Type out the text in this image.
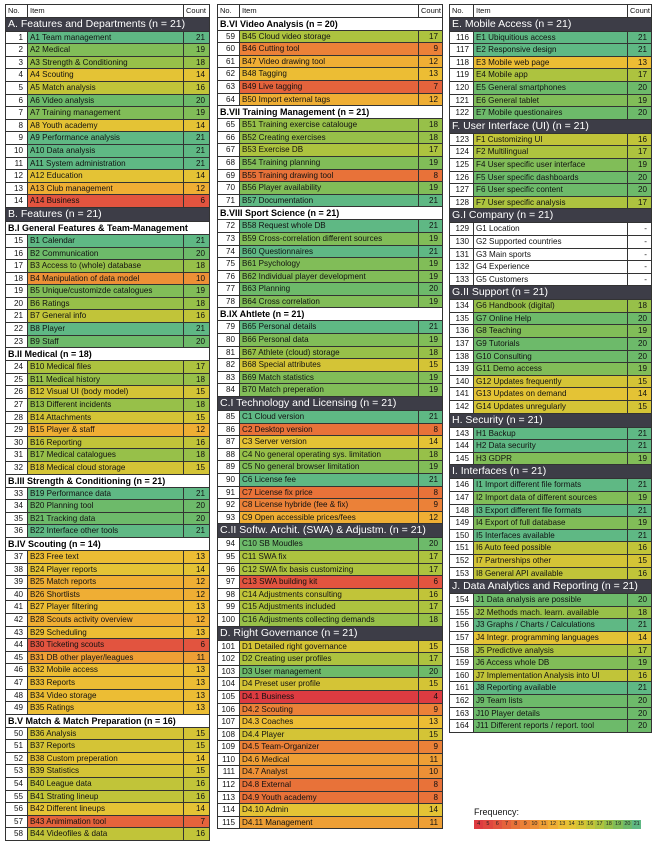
No.	Item	Count
A. Features and Departments (n = 21)		
1	A1 Team management	21
2	A2 Medical	19
3	A3 Strength & Conditioning	18
4	A4 Scouting	14
5	A5 Match analysis	16
6	A6 Video analysis	20
7	A7 Training management	19
8	A8 Youth academy	14
9	A9 Performance analysis	21
10	A10 Data analysis	21
11	A11 System administration	21
12	A12 Education	14
13	A13 Club management	12
14	A14 Business	6
B. Features (n = 21)		
B.I General Features & Team-Management		
15	B1 Calendar	21
16	B2 Communication	20
17	B3 Access to (whole) database	18
18	B4 Manipulation of data model	10
19	B5 Unique/customizde catalogues	19
20	B6 Ratings	18
21	B7 General info	16
22	B8 Player	21
23	B9 Staff	20
B.II Medical (n = 18)		
24	B10 Medical files	17
25	B11 Medical history	18
26	B12 Visual UI (body model)	15
27	B13 Different incidents	18
28	B14 Attachments	15
29	B15 Player & staff	12
30	B16 Reporting	16
31	B17 Medical catalogues	18
32	B18 Medical cloud storage	15
B.III Strength & Conditioning (n = 21)		
33	B19 Performance data	21
34	B20 Planning tool	20
35	B21 Tracking data	20
36	B22 Interface other tools	21
B.IV Scouting (n = 14)		
37	B23 Free text	13
38	B24 Player reports	14
39	B25 Match reports	12
40	B26 Shortlists	12
41	B27 Player filtering	13
42	B28 Scouts activity overview	12
43	B29 Scheduling	13
44	B30 Ticketing scouts	6
45	B31 DB other player/leagues	11
46	B32 Mobile access	13
47	B33 Reports	13
48	B34 Video storage	13
49	B35 Ratings	13
B.V Match & Match Preparation (n = 16)		
50	B36 Analysis	15
51	B37 Reports	15
52	B38 Custom preperation	14
53	B39 Statistics	15
54	B40 League data	16
55	B41 Strating lineup	16
56	B42 Different lineups	14
57	B43 Animimation tool	7
58	B44 Videofiles & data	16
No.	Item	Count
B.VI Video Analysis (n = 20)		
59	B45 Cloud video storage	17
60	B46 Cutting tool	9
61	B47 Video drawing tool	12
62	B48 Tagging	13
63	B49 Live tagging	7
64	B50 Import external tags	12
B.VII Training Management (n = 21)		
65	B51 Training exercise catalouge	18
66	B52 Creating exercises	18
67	B53 Exercise DB	17
68	B54 Training planning	19
69	B55 Training drawing tool	8
70	B56 Player availability	19
71	B57 Documentation	21
B.VIII Sport Science (n = 21)		
72	B58 Request whole DB	21
73	B59 Cross-correlation different sources	19
74	B60 Questionnaires	21
75	B61 Psychology	19
76	B62 Individual player development	19
77	B63 Planning	20
78	B64 Cross correlation	19
B.IX Ahtlete (n = 21)		
79	B65 Personal details	21
80	B66 Personal data	19
81	B67 Athlete (cloud) storage	18
82	B68 Special attributes	15
83	B69 Match statistics	19
84	B70 Match preperation	19
C.I Technology and Licensing (n = 21)		
85	C1 Cloud version	21
86	C2 Desktop version	8
87	C3 Server version	14
88	C4 No general operating sys. limitation	18
89	C5 No general browser limitation	19
90	C6 License fee	21
91	C7 License fix price	8
92	C8 License hybride (fee & fix)	9
93	C9 Open accessible prices/fees	12
C.II Softw. Archit. (SWA) & Adjustm. (n = 21)		
94	C10 SB Moudles	20
95	C11 SWA fix	17
96	C12 SWA fix basis customizing	17
97	C13 SWA building kit	6
98	C14 Adjustments consulting	16
99	C15 Adjustments included	17
100	C16 Adjustments collecting demands	18
D. Right Governance (n = 21)		
101	D1 Detailed right governance	15
102	D2 Creating user profiles	17
103	D3 User management	20
104	D4 Preset user profile	15
105	D4.1 Business	4
106	D4.2 Scouting	9
107	D4.3 Coaches	13
108	D4.4 Player	15
109	D4.5 Team-Organizer	9
110	D4.6 Medical	11
111	D4.7 Analyst	10
112	D4.8 External	8
113	D4.9 Youth academy	8
114	D4.10 Admin	14
115	D4.11 Management	11
No.	Item	Count
E. Mobile Access (n = 21)		
116	E1 Ubiquitious access	21
117	E2 Responsive design	21
118	E3 Mobile web page	13
119	E4 Mobile app	17
120	E5 General smartphones	20
121	E6 General tablet	19
122	E7 Mobile questionaires	20
F. User Interface (UI) (n = 21)		
123	F1 Customizing UI	16
124	F2 Multilingual	17
125	F4 User specific user interface	19
126	F5 User specific dashboards	20
127	F6 User specific content	20
128	F7 User specific analysis	17
G.I Company (n = 21)		
129	G1 Location	-
130	G2 Supported countries	-
131	G3 Main sports	-
132	G4 Experience	-
133	G5 Customers	-
G.II Support (n = 21)		
134	G6 Handbook (digital)	18
135	G7 Online Help	20
136	G8 Teaching	19
137	G9 Tutorials	20
138	G10 Consulting	20
139	G11 Demo access	19
140	G12 Updates frequently	15
141	G13 Updates on demand	14
142	G14 Updates unregularly	15
H. Security (n = 21)		
143	H1 Backup	21
144	H2 Data security	21
145	H3 GDPR	19
I. Interfaces (n = 21)		
146	I1 Import different file formats	21
147	I2 Import data of different sources	19
148	I3 Export different file formats	21
149	I4 Export of full database	19
150	I5 Interfaces available	21
151	I6 Auto feed possible	16
152	I7 Partnerships other	15
153	I8 General API available	16
J. Data Analytics and Reporting (n = 21)		
154	J1 Data analysis are possible	20
155	J2 Methods mach. learn. available	18
156	J3 Graphs / Charts / Calculations	21
157	J4 Integr. programming languages	14
158	J5 Predictive analysis	17
159	J6 Access whole DB	19
160	J7 Implementation Analysis into UI	16
161	J8 Reporting available	21
162	J9 Team lists	20
163	J10 Player details	20
164	J11 Different reports / report. tool	20
Frequency:
4	5	6	7	8	9 10 11 12 13 14 15 16 17 18 19 20 21
